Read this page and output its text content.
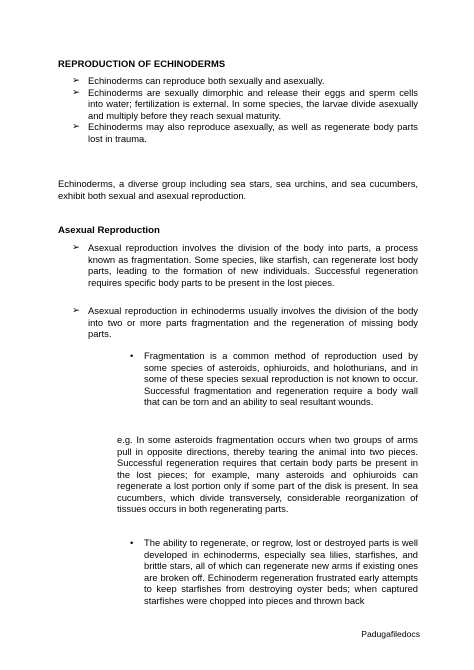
REPRODUCTION OF ECHINODERMS
➢ Echinoderms can reproduce both sexually and asexually.
➢ Echinoderms are sexually dimorphic and release their eggs and sperm cells into water; fertilization is external. In some species, the larvae divide asexually and multiply before they reach sexual maturity.
➢ Echinoderms may also reproduce asexually, as well as regenerate body parts lost in trauma.

Echinoderms, a diverse group including sea stars, sea urchins, and sea cucumbers, exhibit both sexual and asexual reproduction.

Asexual Reproduction
➢ Asexual reproduction involves the division of the body into parts, a process known as fragmentation. Some species, like starfish, can regenerate lost body parts, leading to the formation of new individuals. Successful regeneration requires specific body parts to be present in the lost pieces.
➢ Asexual reproduction in echinoderms usually involves the division of the body into two or more parts fragmentation and the regeneration of missing body parts.
• Fragmentation is a common method of reproduction used by some species of asteroids, ophiuroids, and holothurians, and in some of these species sexual reproduction is not known to occur. Successful fragmentation and regeneration require a body wall that can be torn and an ability to seal resultant wounds.

e.g. In some asteroids fragmentation occurs when two groups of arms pull in opposite directions, thereby tearing the animal into two pieces. Successful regeneration requires that certain body parts be present in the lost pieces; for example, many asteroids and ophiuroids can regenerate a lost portion only if some part of the disk is present. In sea cucumbers, which divide transversely, considerable reorganization of tissues occurs in both regenerating parts.

• The ability to regenerate, or regrow, lost or destroyed parts is well developed in echinoderms, especially sea lilies, starfishes, and brittle stars, all of which can regenerate new arms if existing ones are broken off. Echinoderm regeneration frustrated early attempts to keep starfishes from destroying oyster beds; when captured starfishes were chopped into pieces and thrown back
Padugafiledocs
